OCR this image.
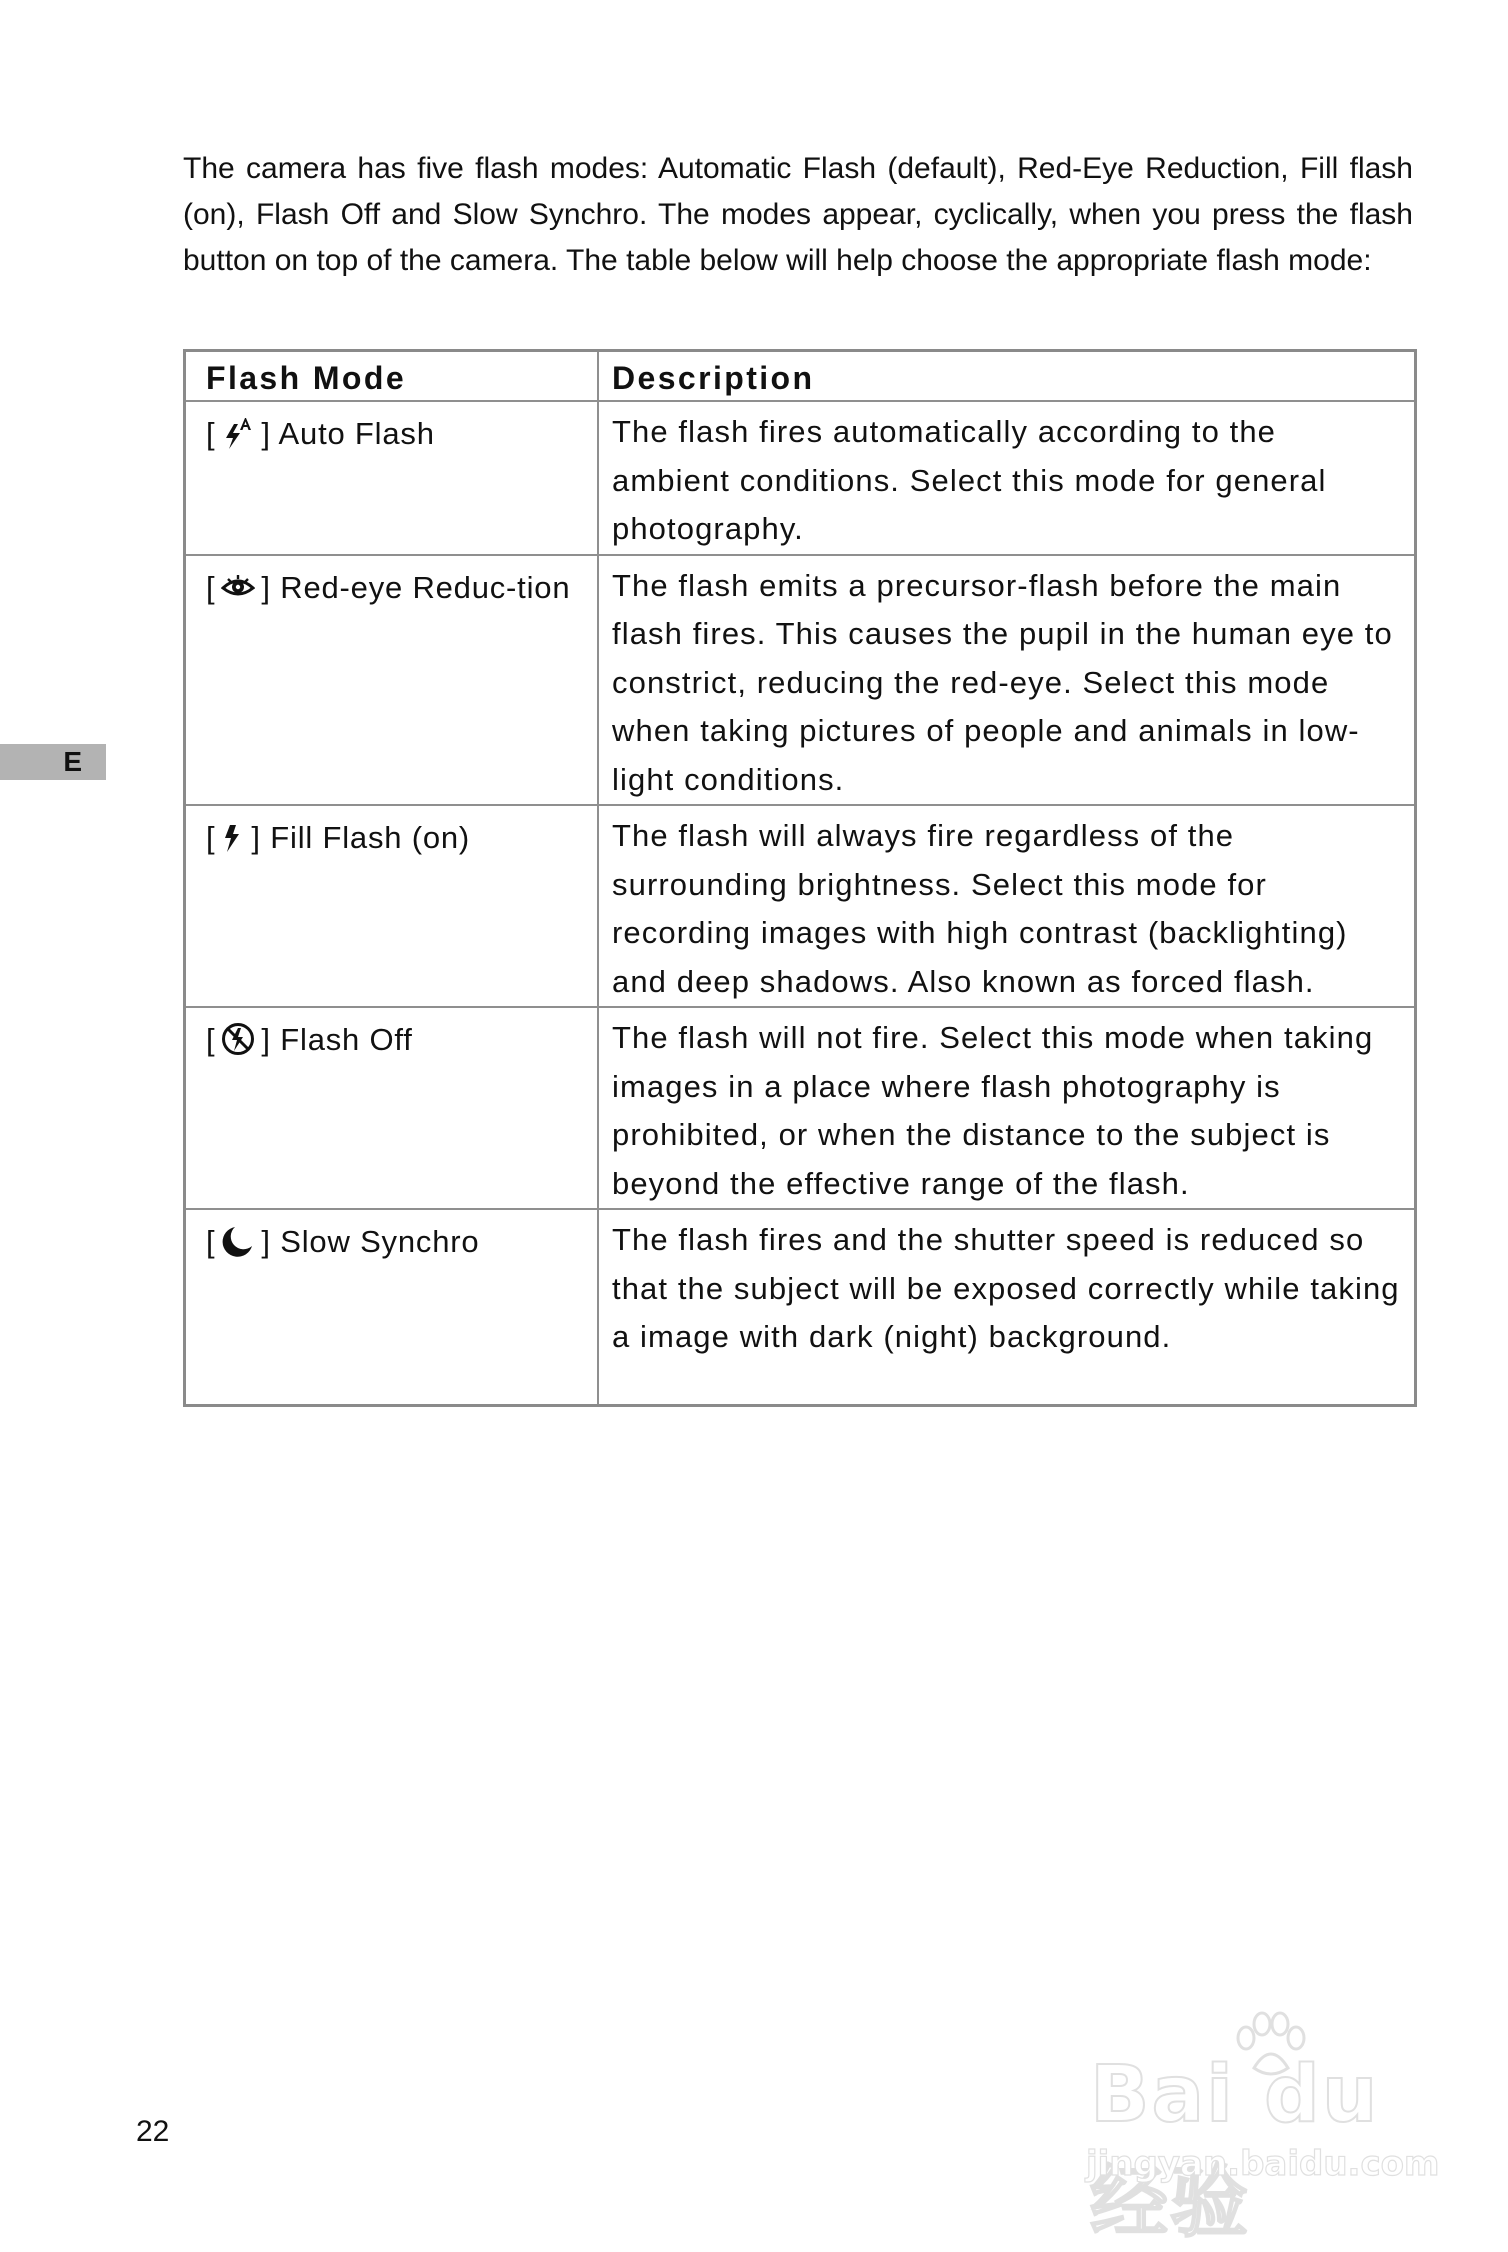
The camera has five flash modes: Automatic Flash (default), Red-Eye Reduction, Fill flash (on), Flash Off and Slow Synchro. The modes appear, cyclically, when you press the flash button on top of the camera. The table below will help choose the appropriate flash mode:

Flash Mode	Description
[ ] Auto Flash	The flash fires automatically according to the ambient conditions. Select this mode for general photography.
[ ] Red-eye Reduc-tion	The flash emits a precursor-flash before the main flash fires. This causes the pupil in the human eye to constrict, reducing the red-eye. Select this mode when taking pictures of people and animals in low-light conditions.
[ ] Fill Flash (on)	The flash will always fire regardless of the surrounding brightness. Select this mode for recording images with high contrast (backlighting) and deep shadows. Also known as forced flash.
[ ] Flash Off	The flash will not fire. Select this mode when taking images in a place where flash photography is prohibited, or when the distance to the subject is beyond the effective range of the flash.
[ ] Slow Synchro	The flash fires and the shutter speed is reduced so that the subject will be exposed correctly while taking a image with dark (night) background.
E
22	Bai du 经验
jingyan.baidu.com
